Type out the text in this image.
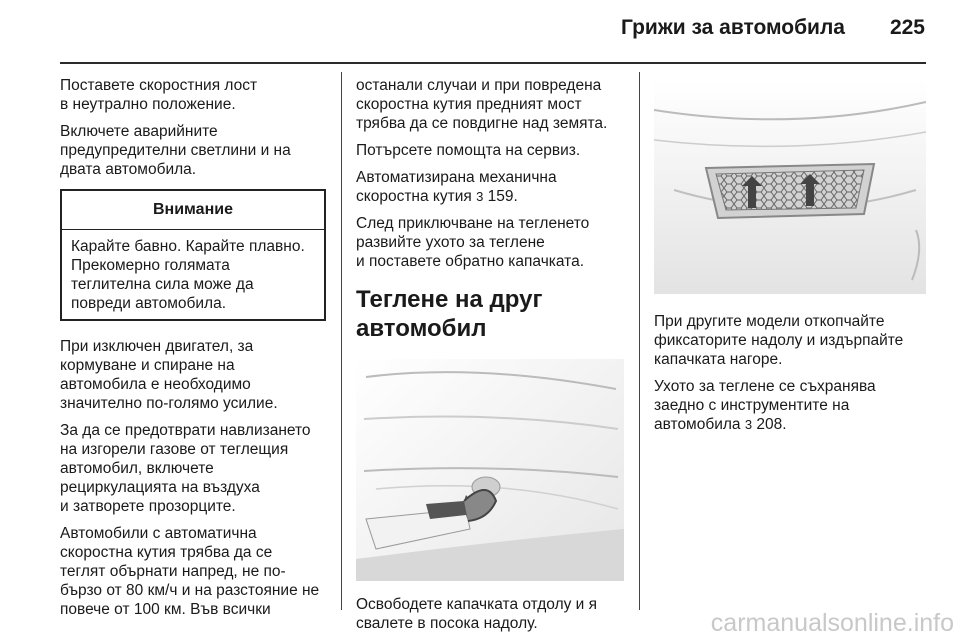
Грижи за автомобила	225

Поставете скоростния лост
в неутрално положение.

Включете аварийните
предупредителни светлини и на
двата автомобила.

Внимание
Карайте бавно. Карайте плавно.
Прекомерно голямата
теглителна сила може да
повреди автомобила.

При изключен двигател, за
кормуване и спиране на
автомобила е необходимо
значително по-голямо усилие.

За да се предотврати навлизането
на изгорели газове от теглещия
автомобил, включете
рециркулацията на въздуха
и затворете прозорците.

Автомобили с автоматична
скоростна кутия трябва да се
теглят обърнати напред, не по-
бързо от 80 км/ч и на разстояние не
повече от 100 км. Във всички

останали случаи и при повредена
скоростна кутия предният мост
трябва да се повдигне над земята.

Потърсете помощта на сервиз.

Автоматизирана механична
скоростна кутия 3 159.

След приключване на тегленето
развийте ухото за теглене
и поставете обратно капачката.

Теглене на друг
автомобил

Освободете капачката отдолу и я
свалете в посока надолу.

При другите модели откопчайте
фиксаторите надолу и издърпайте
капачката нагоре.

Ухото за теглене се съхранява
заедно с инструментите на
автомобила 3 208.

carmanualsonline.info
